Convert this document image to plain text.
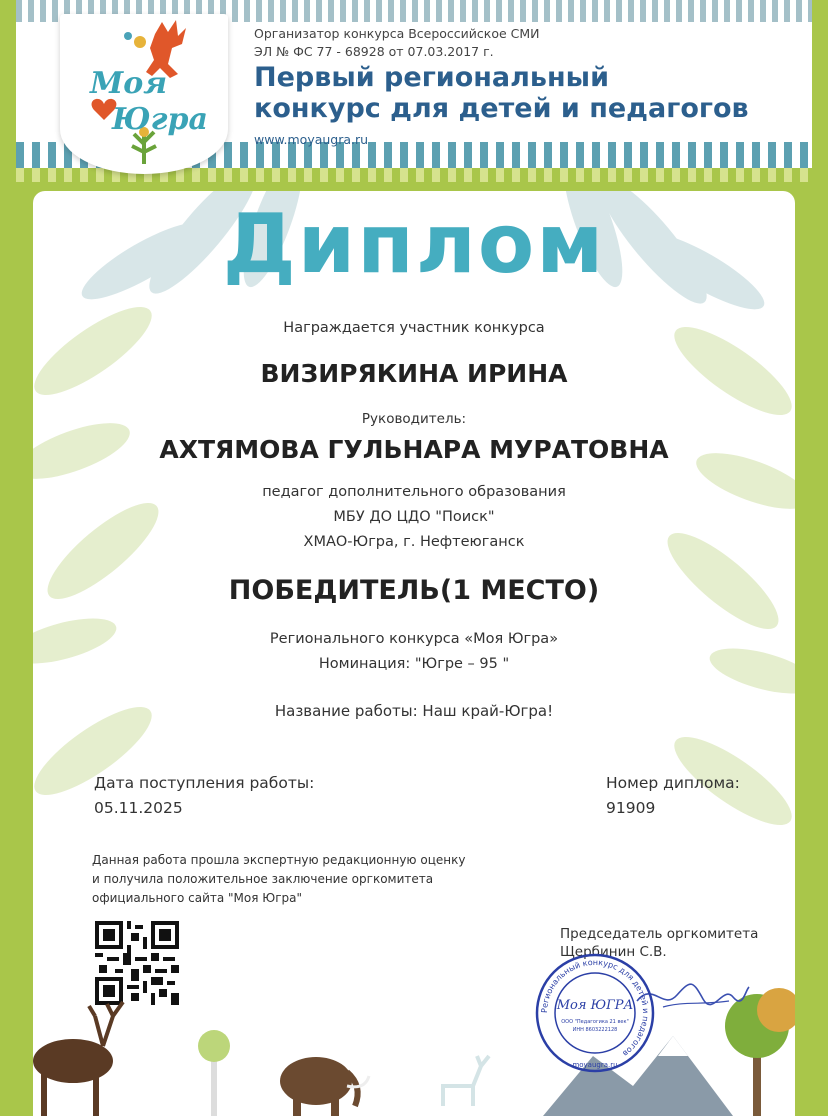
Моя
Югра
Организатор конкурса Всероссийское СМИ
ЭЛ № ФС 77 - 68928 от 07.03.2017 г.
Первый региональный
конкурс для детей и педагогов
www.moyaugra.ru
Диплом
Награждается участник конкурса
ВИЗИРЯКИНА ИРИНА
Руководитель:
АХТЯМОВА ГУЛЬНАРА МУРАТОВНА
педагог дополнительного образования
МБУ ДО ЦДО "Поиск"
ХМАО-Югра, г. Нефтеюганск
ПОБЕДИТЕЛЬ(1 МЕСТО)
Регионального конкурса «Моя Югра»
Номинация: "Югре – 95 "
Название работы: Наш край-Югра!
Дата поступления работы:
05.11.2025
Номер диплома:
91909
Данная работа прошла экспертную редакционную оценку
и получила положительное заключение оргкомитета
официального сайта "Моя Югра"
Председатель оргкомитета
Щербинин С.В.
Региональный конкурс для детей и педагогов
Моя ЮГРА
ООО "Педагогика 21 век"
ИНН 8603222128
moyaugra.ru
